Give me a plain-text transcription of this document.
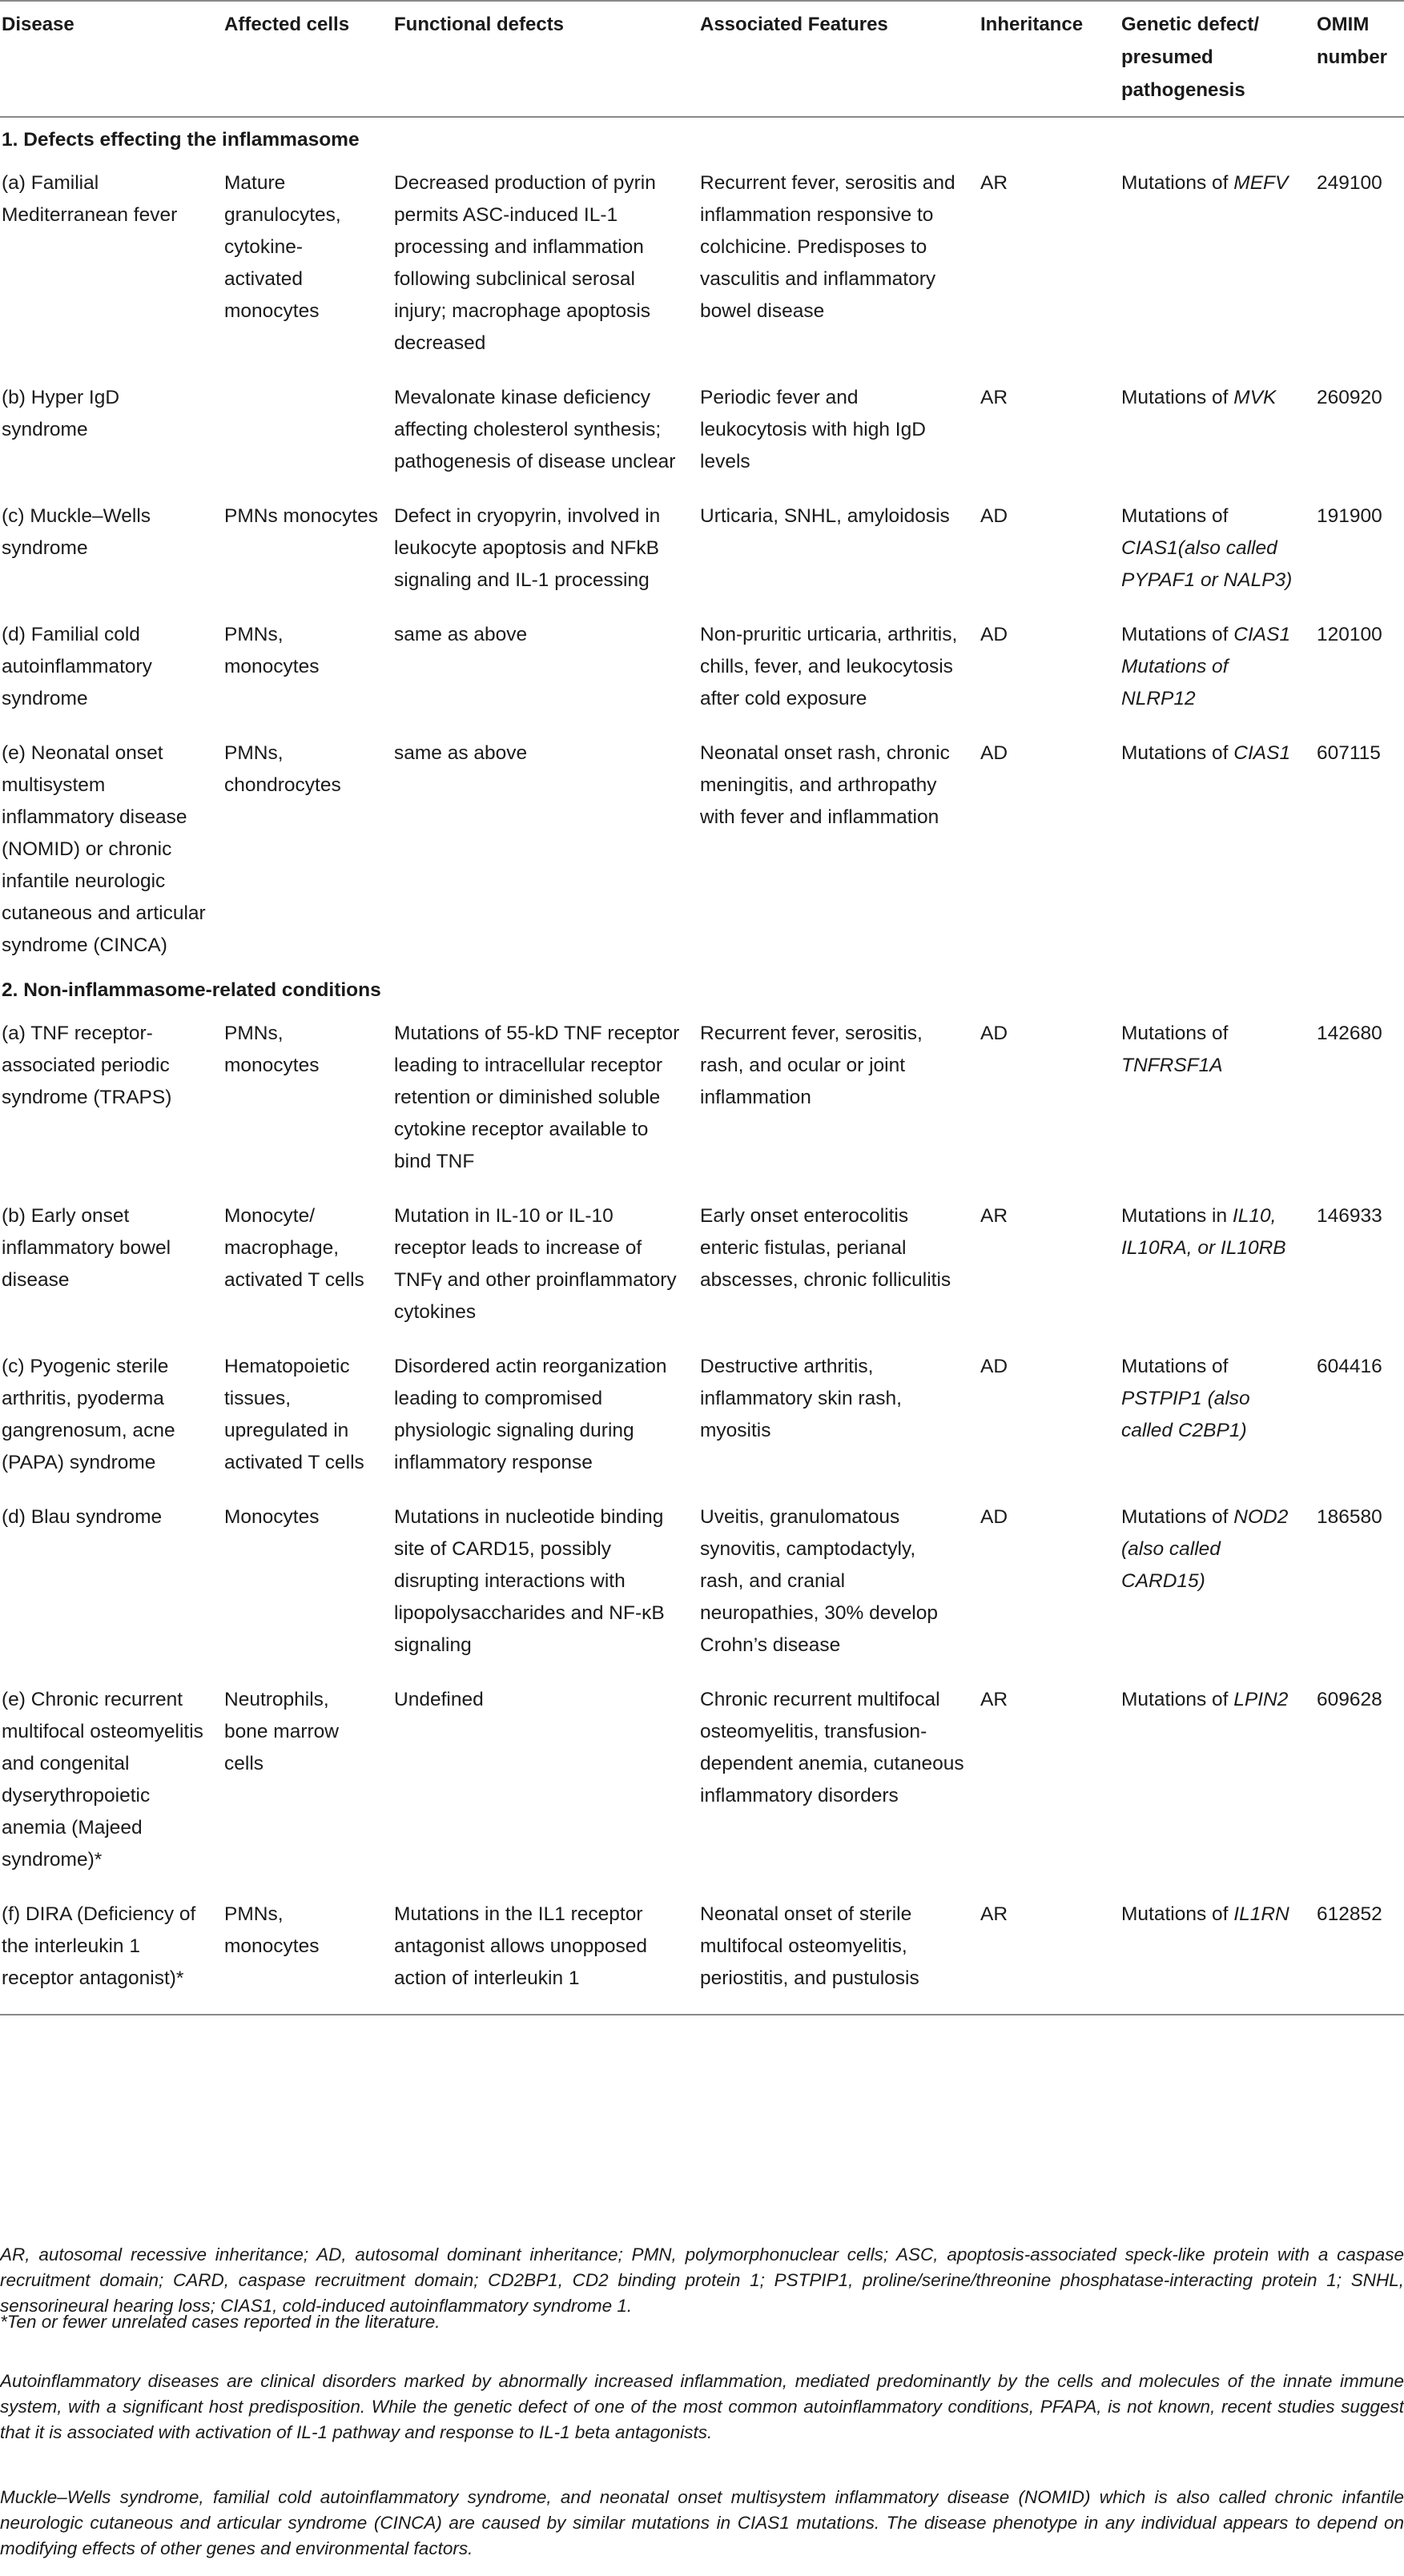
Disease	Affected cells	Functional defects	Associated Features	Inheritance	Genetic defect/ presumed pathogenesis	OMIM number
1. Defects effecting the inflammasome						
(a) Familial Mediterranean fever	Mature granulocytes, cytokine-activated monocytes	Decreased production of pyrin permits ASC-induced IL-1 processing and inflammation following subclinical serosal injury; macrophage apoptosis decreased	Recurrent fever, serositis and inflammation responsive to colchicine. Predisposes to vasculitis and inflammatory bowel disease	AR	Mutations of MEFV	249100
(b) Hyper IgD syndrome		Mevalonate kinase deficiency affecting cholesterol synthesis; pathogenesis of disease unclear	Periodic fever and leukocytosis with high IgD levels	AR	Mutations of MVK	260920
(c) Muckle–Wells syndrome	PMNs monocytes	Defect in cryopyrin, involved in leukocyte apoptosis and NFkB signaling and IL-1 processing	Urticaria, SNHL, amyloidosis	AD	Mutations of CIAS1(also called PYPAF1 or NALP3)	191900
(d) Familial cold autoinflammatory syndrome	PMNs, monocytes	same as above	Non-pruritic urticaria, arthritis, chills, fever, and leukocytosis after cold exposure	AD	Mutations of CIAS1 Mutations of NLRP12	120100
(e) Neonatal onset multisystem inflammatory disease (NOMID) or chronic infantile neurologic cutaneous and articular syndrome (CINCA)	PMNs, chondrocytes	same as above	Neonatal onset rash, chronic meningitis, and arthropathy with fever and inflammation	AD	Mutations of CIAS1	607115
2. Non-inflammasome-related conditions						
(a) TNF receptor-associated periodic syndrome (TRAPS)	PMNs, monocytes	Mutations of 55-kD TNF receptor leading to intracellular receptor retention or diminished soluble cytokine receptor available to bind TNF	Recurrent fever, serositis, rash, and ocular or joint inflammation	AD	Mutations of TNFRSF1A	142680
(b) Early onset inflammatory bowel disease	Monocyte/ macrophage, activated T cells	Mutation in IL-10 or IL-10 receptor leads to increase of TNFγ and other proinflammatory cytokines	Early onset enterocolitis enteric fistulas, perianal abscesses, chronic folliculitis	AR	Mutations in IL10, IL10RA, or IL10RB	146933
(c) Pyogenic sterile arthritis, pyoderma gangrenosum, acne (PAPA) syndrome	Hematopoietic tissues, upregulated in activated T cells	Disordered actin reorganization leading to compromised physiologic signaling during inflammatory response	Destructive arthritis, inflammatory skin rash, myositis	AD	Mutations of PSTPIP1 (also called C2BP1)	604416
(d) Blau syndrome	Monocytes	Mutations in nucleotide binding site of CARD15, possibly disrupting interactions with lipopolysaccharides and NF-κB signaling	Uveitis, granulomatous synovitis, camptodactyly, rash, and cranial neuropathies, 30% develop Crohn’s disease	AD	Mutations of NOD2 (also called CARD15)	186580
(e) Chronic recurrent multifocal osteomyelitis and congenital dyserythropoietic anemia (Majeed syndrome)*	Neutrophils, bone marrow cells	Undefined	Chronic recurrent multifocal osteomyelitis, transfusion-dependent anemia, cutaneous inflammatory disorders	AR	Mutations of LPIN2	609628
(f) DIRA (Deficiency of the interleukin 1 receptor antagonist)*	PMNs, monocytes	Mutations in the IL1 receptor antagonist allows unopposed action of interleukin 1	Neonatal onset of sterile multifocal osteomyelitis, periostitis, and pustulosis	AR	Mutations of IL1RN	612852

AR, autosomal recessive inheritance; AD, autosomal dominant inheritance; PMN, polymorphonuclear cells; ASC, apoptosis-associated speck-like protein with a caspase recruitment domain; CARD, caspase recruitment domain; CD2BP1, CD2 binding protein 1; PSTPIP1, proline/serine/threonine phosphatase-interacting protein 1; SNHL, sensorineural hearing loss; CIAS1, cold-induced autoinflammatory syndrome 1.

*Ten or fewer unrelated cases reported in the literature.

Autoinflammatory diseases are clinical disorders marked by abnormally increased inflammation, mediated predominantly by the cells and molecules of the innate immune system, with a significant host predisposition. While the genetic defect of one of the most common autoinflammatory conditions, PFAPA, is not known, recent studies suggest that it is associated with activation of IL-1 pathway and response to IL-1 beta antagonists.

Muckle–Wells syndrome, familial cold autoinflammatory syndrome, and neonatal onset multisystem inflammatory disease (NOMID) which is also called chronic infantile neurologic cutaneous and articular syndrome (CINCA) are caused by similar mutations in CIAS1 mutations. The disease phenotype in any individual appears to depend on modifying effects of other genes and environmental factors.
